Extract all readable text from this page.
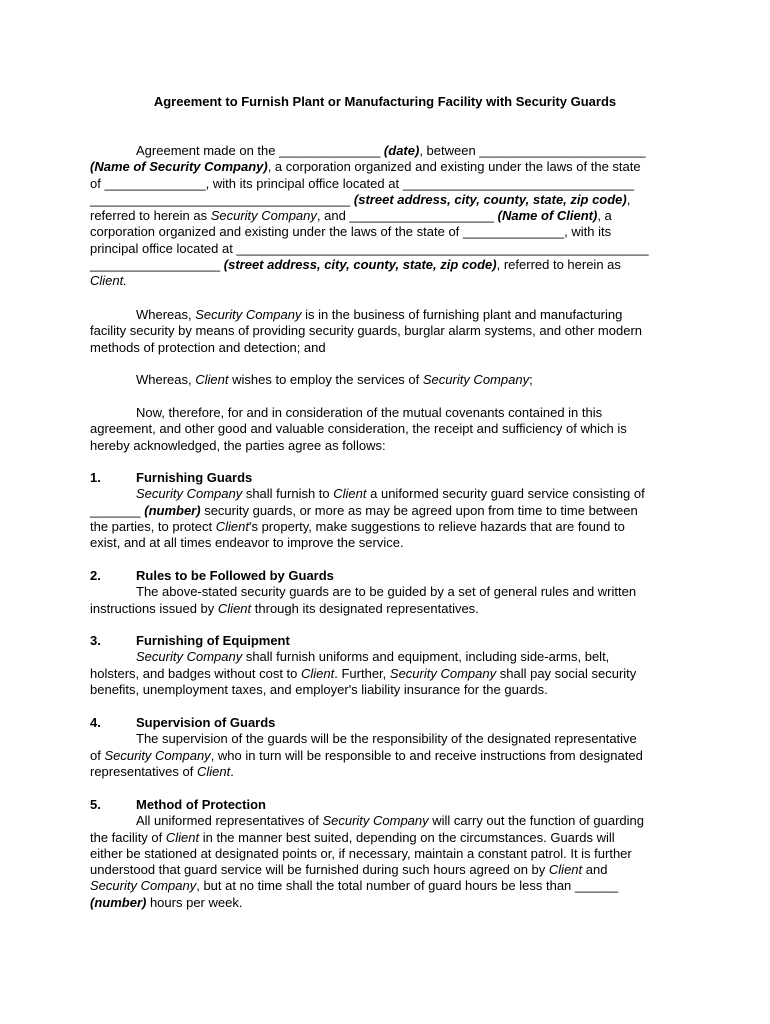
Agreement to Furnish Plant or Manufacturing Facility with Security Guards
Agreement made on the ______________ (date), between _______________________
(Name of Security Company), a corporation organized and existing under the laws of the state
of ______________, with its principal office located at ________________________________
____________________________________ (street address, city, county, state, zip code),
referred to herein as Security Company, and ____________________ (Name of Client), a
corporation organized and existing under the laws of the state of ______________, with its
principal office located at _________________________________________________________
__________________ (street address, city, county, state, zip code), referred to herein as
Client.
Whereas, Security Company is in the business of furnishing plant and manufacturing
facility security by means of providing security guards, burglar alarm systems, and other modern
methods of protection and detection; and
Whereas, Client wishes to employ the services of Security Company;
Now, therefore, for and in consideration of the mutual covenants contained in this
agreement, and other good and valuable consideration, the receipt and sufficiency of which is
hereby acknowledged, the parties agree as follows:
1.	Furnishing Guards
Security Company shall furnish to Client a uniformed security guard service consisting of
_______ (number) security guards, or more as may be agreed upon from time to time between
the parties, to protect Client's property, make suggestions to relieve hazards that are found to
exist, and at all times endeavor to improve the service.
2.	Rules to be Followed by Guards
The above-stated security guards are to be guided by a set of general rules and written
instructions issued by Client through its designated representatives.
3.	Furnishing of Equipment
Security Company shall furnish uniforms and equipment, including side-arms, belt,
holsters, and badges without cost to Client. Further, Security Company shall pay social security
benefits, unemployment taxes, and employer's liability insurance for the guards.
4.	Supervision of Guards
The supervision of the guards will be the responsibility of the designated representative
of Security Company, who in turn will be responsible to and receive instructions from designated
representatives of Client.
5.	Method of Protection
All uniformed representatives of Security Company will carry out the function of guarding
the facility of Client in the manner best suited, depending on the circumstances. Guards will
either be stationed at designated points or, if necessary, maintain a constant patrol. It is further
understood that guard service will be furnished during such hours agreed on by Client and
Security Company, but at no time shall the total number of guard hours be less than ______
(number) hours per week.
